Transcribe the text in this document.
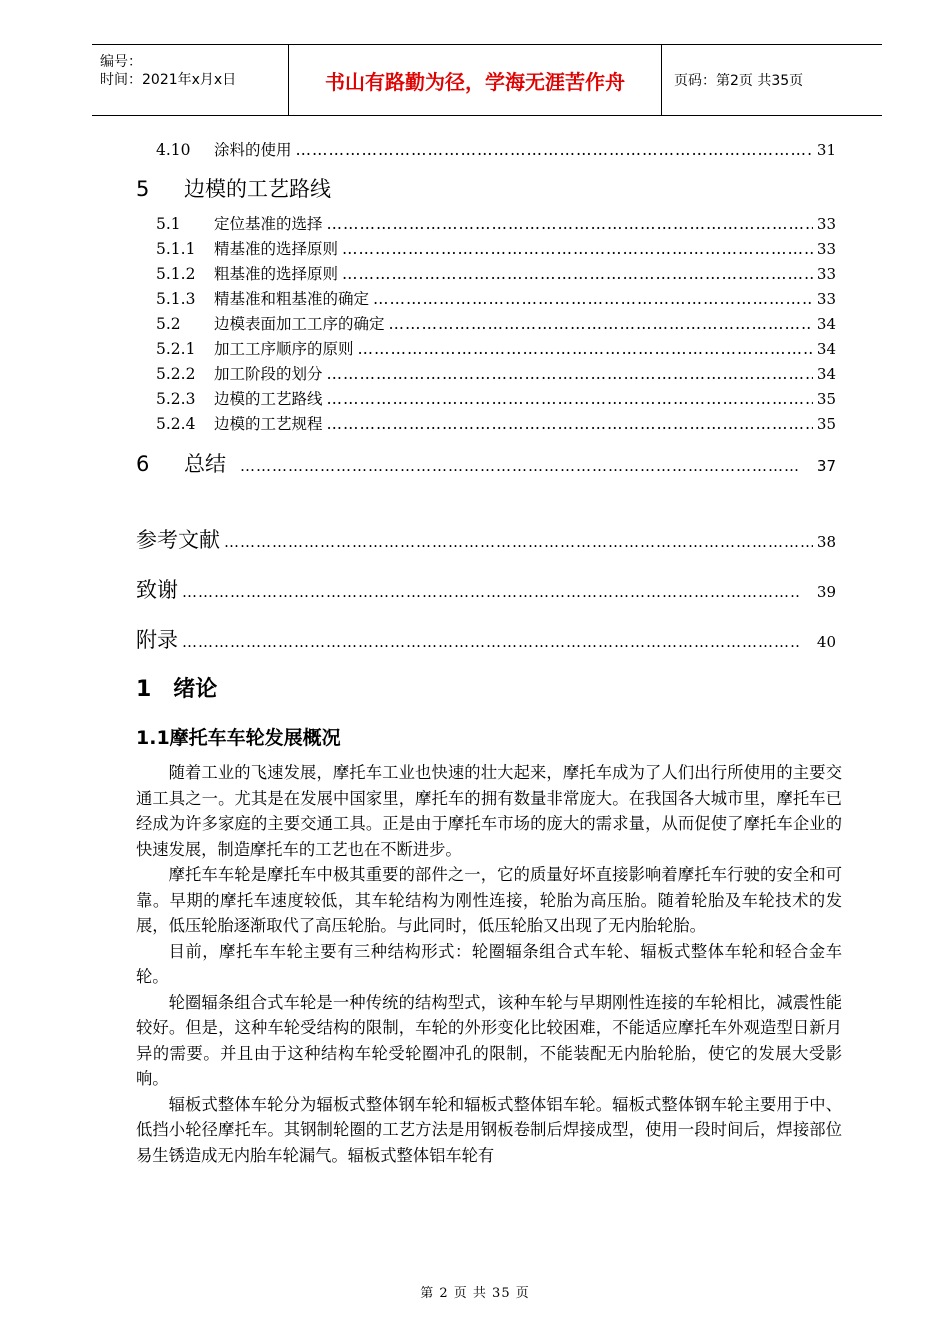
编号：
时间：2021年x月x日	书山有路勤为径，学海无涯苦作舟	页码：第2页 共35页
4.10	涂料的使用 …………………………………………………………………………………………………………………………………………………………………………………………………………………………	31
5	边模的工艺路线
5.1	定位基准的选择 …………………………………………………………………………………………………………………………………………………………………………………………………………………………	33
5.1.1	精基准的选择原则 …………………………………………………………………………………………………………………………………………………………………………………………………………………………	33
5.1.2	粗基准的选择原则 …………………………………………………………………………………………………………………………………………………………………………………………………………………………	33
5.1.3	精基准和粗基准的确定 …………………………………………………………………………………………………………………………………………………………………………………………………………………………	33
5.2	边模表面加工工序的确定 …………………………………………………………………………………………………………………………………………………………………………………………………………………………	34
5.2.1	加工工序顺序的原则 …………………………………………………………………………………………………………………………………………………………………………………………………………………………	34
5.2.2	加工阶段的划分 …………………………………………………………………………………………………………………………………………………………………………………………………………………………	34
5.2.3	边模的工艺路线 …………………………………………………………………………………………………………………………………………………………………………………………………………………………	35
5.2.4	边模的工艺规程 …………………………………………………………………………………………………………………………………………………………………………………………………………………………	35
6	总结 …………………………………………………………………………………………………………………………………………………………………………………………………………………………	37
参考文献 …………………………………………………………………………………………………………………………………………………………………………………………………………………………	38
致谢 …………………………………………………………………………………………………………………………………………………………………………………………………………………………	39
附录 …………………………………………………………………………………………………………………………………………………………………………………………………………………………	40
1　绪论
1.1摩托车车轮发展概况

随着工业的飞速发展，摩托车工业也快速的壮大起来，摩托车成为了人们出行所使用的主要交通工具之一。尤其是在发展中国家里，摩托车的拥有数量非常庞大。在我国各大城市里，摩托车已经成为许多家庭的主要交通工具。正是由于摩托车市场的庞大的需求量，从而促使了摩托车企业的快速发展，制造摩托车的工艺也在不断进步。

摩托车车轮是摩托车中极其重要的部件之一，它的质量好坏直接影响着摩托车行驶的安全和可靠。早期的摩托车速度较低，其车轮结构为刚性连接，轮胎为高压胎。随着轮胎及车轮技术的发展，低压轮胎逐渐取代了高压轮胎。与此同时，低压轮胎又出现了无内胎轮胎。

目前，摩托车车轮主要有三种结构形式：轮圈辐条组合式车轮、辐板式整体车轮和轻合金车轮。

轮圈辐条组合式车轮是一种传统的结构型式，该种车轮与早期刚性连接的车轮相比，减震性能较好。但是，这种车轮受结构的限制，车轮的外形变化比较困难，不能适应摩托车外观造型日新月异的需要。并且由于这种结构车轮受轮圈冲孔的限制，不能装配无内胎轮胎，使它的发展大受影响。

辐板式整体车轮分为辐板式整体钢车轮和辐板式整体铝车轮。辐板式整体钢车轮主要用于中、低挡小轮径摩托车。其钢制轮圈的工艺方法是用钢板卷制后焊接成型，使用一段时间后，焊接部位易生锈造成无内胎车轮漏气。辐板式整体铝车轮有

第 2 页 共 35 页
